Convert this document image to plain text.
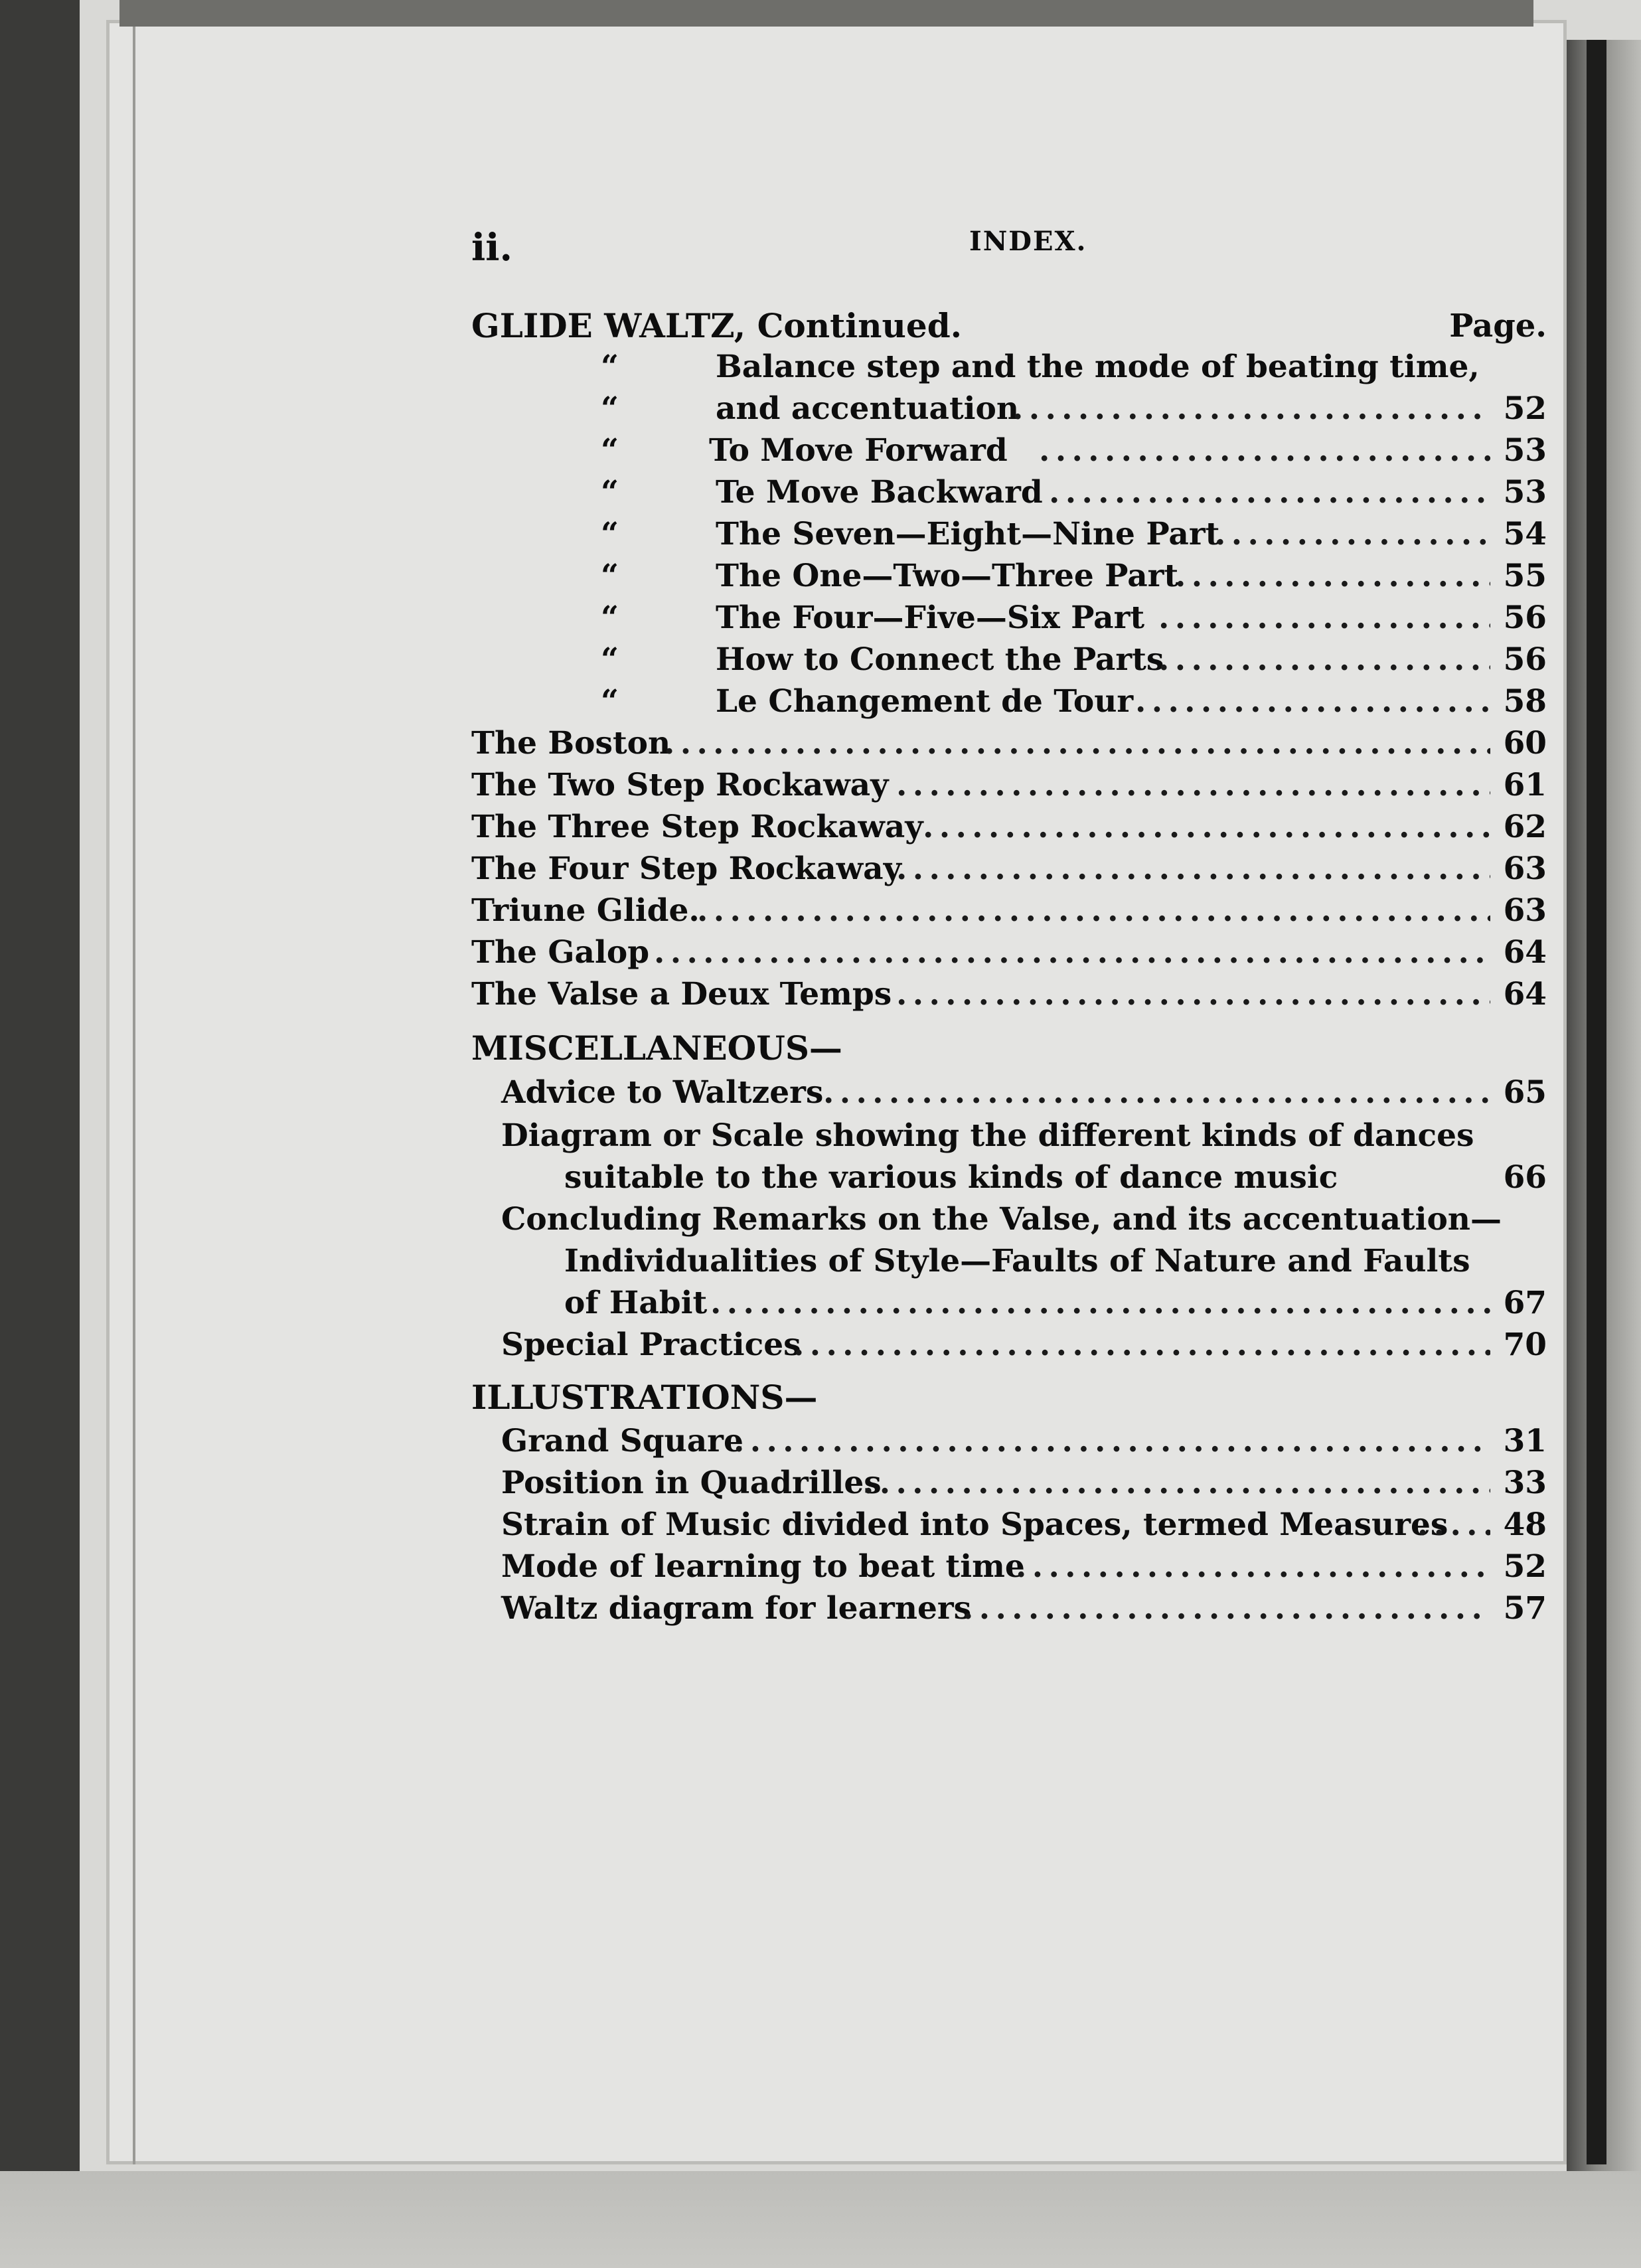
ii.	INDEX.
GLIDE WALTZ, Continued.	Page.
“	Balance step and the mode of beating time,
“	and accentuation . . .	52
“	To Move Forward . . .	53
“	Te Move Backward . . .	53
“	The Seven—Eight—Nine Part . . .	54
“	The One—Two—Three Part . . .	55
“	The Four—Five—Six Part . . .	56
“	How to Connect the Parts . . .	56
“	Le Changement de Tour . . .	58
The Boston . . .	60
The Two Step Rockaway . . .	61
The Three Step Rockaway . . .	62
The Four Step Rockaway . . .	63
Triune Glide. . . .	63
The Galop . . .	64
The Valse a Deux Temps . . .	64
MISCELLANEOUS—
Advice to Waltzers . . .	65
Diagram or Scale showing the different kinds of dances
suitable to the various kinds of dance music	66
Concluding Remarks on the Valse, and its accentuation—
Individualities of Style—Faults of Nature and Faults
of Habit . . .	67
Special Practices . . .	70
ILLUSTRATIONS—
Grand Square . . .	31
Position in Quadrilles . . .	33
Strain of Music divided into Spaces, termed Measures . . . 48
Mode of learning to beat time . . .	52
Waltz diagram for learners . . .	57
